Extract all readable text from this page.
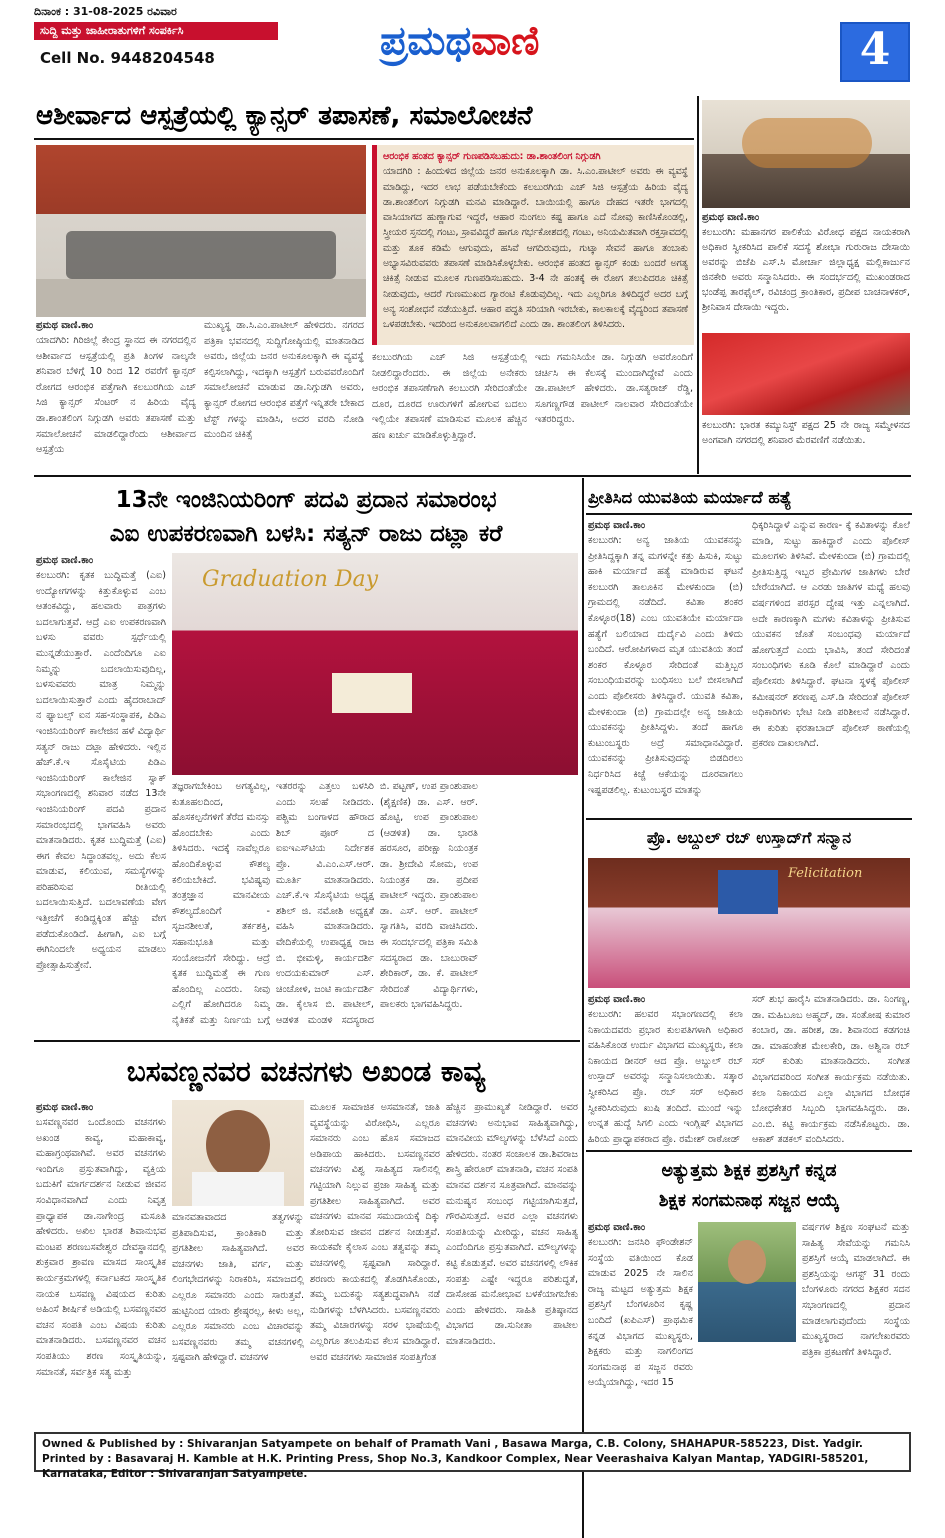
ದಿನಾಂಕ : 31-08-2025 ರವಿವಾರ
ಸುದ್ದಿ ಮತ್ತು ಜಾಹೀರಾತುಗಳಿಗೆ ಸಂಪರ್ಕಿಸಿ
Cell No. 9448204548	ಪ್ರಮಥವಾಣಿ	4
ಆಶೀರ್ವಾದ ಆಸ್ಪತ್ರೆಯಲ್ಲಿ ಕ್ಯಾನ್ಸರ್ ತಪಾಸಣೆ, ಸಮಾಲೋಚನೆ
ಆರಂಭಿಕ ಹಂತದ ಕ್ಯಾನ್ಸರ್ ಗುಣಪಡಿಸಬಹುದು: ಡಾ.ಶಾಂತಲಿಂಗ ನಿಗ್ಗುಡಗಿ
ಯಾದಗಿರಿ : ಹಿಂದುಳಿದ ಜಿಲ್ಲೆಯ ಜನರ ಅನುಕೂಲಕ್ಕಾಗಿ ಡಾ. ಸಿ.ಎಂ.ಪಾಟೀಲ್ ಅವರು ಈ ವ್ಯವಸ್ಥೆ ಮಾಡಿದ್ದು, ಇದರ ಲಾಭ ಪಡೆಯಬೇಕೆಂದು ಕಲಬುರಗಿಯ ಎಚ್ ಸಿಜಿ ಆಸ್ಪತ್ರೆಯ ಹಿರಿಯ ವೈದ್ಯ ಡಾ.ಶಾಂತಲಿಂಗ ನಿಗ್ಗುಡಗಿ ಮನವಿ ಮಾಡಿದ್ದಾರೆ. ಬಾಯಿಯಲ್ಲಿ ಹಾಗೂ ದೇಹದ ಇತರೇ ಭಾಗದಲ್ಲಿ ವಾಸಿಯಾಗದ ಹುಣ್ಣಾಗುವ ಇದ್ದರೆ, ಆಹಾರ ನುಂಗಲು ಕಷ್ಟ ಹಾಗೂ ಎದೆ ನೋವು ಕಾಣಿಸಿಕೊಂಡಲ್ಲಿ, ಸ್ತ್ರೀಯರ ಸ್ತನದಲ್ಲಿ ಗಂಟು, ಸ್ರಾವವಿದ್ದರೆ ಹಾಗೂ ಗರ್ಭಕೋಶದಲ್ಲಿ ಗಂಟು, ಅನಿಯಮಿತವಾಗಿ ರಕ್ತಸ್ರಾವದಲ್ಲಿ ಮತ್ತು ತೂಕ ಕಡಿಮೆ ಆಗುವುದು, ಹಸಿವೆ ಆಗದಿರುವುದು, ಗುಟ್ಕಾ ಸೇವನೆ ಹಾಗೂ ತಂಬಾಕು ಅಭ್ಯಾಸವಿರುವವರು ತಪಾಸಣೆ ಮಾಡಿಸಿಕೊಳ್ಳಬೇಕು. ಆರಂಭಿಕ ಹಂತದ ಕ್ಯಾನ್ಸರ್ ಕಂಡು ಬಂದರೆ ಅಗತ್ಯ ಚಿಕಿತ್ಸೆ ನೀಡುವ ಮೂಲಕ ಗುಣಪಡಿಸಬಹುದು. 3-4 ನೇ ಹಂತಕ್ಕೆ ಈ ರೋಗ ತಲುಪಿದರೂ ಚಿಕಿತ್ಸೆ ನೀಡುವುದು, ಆದರೆ ಗುಣಮುಖದ ಗ್ಯಾರಂಟಿ ಕೊಡುವುದಿಲ್ಲ. ಇದು ಎಲ್ಲರಿಗೂ ತಿಳಿದಿದ್ದರೆ ಅದರ ಬಗ್ಗೆ ಅನ್ಯ ಸಂಶೋಧನೆ ನಡೆಯುತ್ತಿದೆ. ಆಹಾರ ಪದ್ಧತಿ ಸರಿಯಾಗಿ ಇರಬೇಕು, ಕಾಲಕಾಲಕ್ಕೆ ವೈದ್ಯರಿಂದ ತಪಾಸಣೆ ಒಳಪಡಬೇಕು. ಇದರಿಂದ ಅನುಕೂಲವಾಗಲಿದೆ ಎಂದು ಡಾ. ಶಾಂತಲಿಂಗ ತಿಳಿಸಿದರು.
ಪ್ರಮಥ ವಾಣಿ.ಕಾಂ
ಯಾದಗಿರಿ: ಗಿರಿಜಿಲ್ಲೆ ಕೇಂದ್ರ ಸ್ಥಾನದ ಈ ನಗರದಲ್ಲಿನ ಆಶೀರ್ವಾದ ಆಸ್ಪತ್ರೆಯಲ್ಲಿ ಪ್ರತಿ ತಿಂಗಳ ನಾಲ್ಕನೇ ಶನಿವಾರ ಬೆಳಿಗ್ಗೆ 10 ರಿಂದ 12 ರವರೆಗೆ ಕ್ಯಾನ್ಸರ್ ರೋಗದ ಆರಂಭಿಕ ಪತ್ತೆಗಾಗಿ ಕಲಬುರಗಿಯ ಎಚ್ ಸಿಜಿ ಕ್ಯಾನ್ಸರ್ ಸೆಂಟರ್ ನ ಹಿರಿಯ ವೈದ್ಯ ಡಾ.ಶಾಂತಲಿಂಗ ನಿಗ್ಗುಡಗಿ ಅವರು ತಪಾಸಣೆ ಮತ್ತು ಸಮಾಲೋಚನೆ ಮಾಡಲಿದ್ದಾರೆಂದು ಆಶೀರ್ವಾದ ಆಸ್ಪತ್ರೆಯ
ಮುಖ್ಯಸ್ಥ ಡಾ.ಸಿ.ಎಂ.ಪಾಟೀಲ್ ಹೇಳಿದರು. ನಗರದ ಪತ್ರಿಕಾ ಭವನದಲ್ಲಿ ಸುದ್ದಿಗೋಷ್ಠಿಯಲ್ಲಿ ಮಾತನಾಡಿದ ಅವರು, ಜಿಲ್ಲೆಯ ಜನರ ಅನುಕೂಲಕ್ಕಾಗಿ ಈ ವ್ಯವಸ್ಥೆ ಕಲ್ಪಿಸಲಾಗಿದ್ದು, ಇದಕ್ಕಾಗಿ ಆಸ್ಪತ್ರೆಗೆ ಬರುವವರೊಂದಿಗೆ ಸಮಾಲೋಚನೆ ಮಾಡುವ ಡಾ.ನಿಗ್ಗುಡಗಿ ಅವರು, ಕ್ಯಾನ್ಸರ್ ರೋಗದ ಆರಂಭಿಕ ಪತ್ತೆಗೆ ಇನ್ನಿತರೇ ಬೇಕಾದ ಟೆಸ್ಟ್ ಗಳನ್ನು ಮಾಡಿಸಿ, ಅದರ ವರದಿ ನೋಡಿ ಮುಂದಿನ ಚಿಕಿತ್ಸೆ
ಕಲಬುರಗಿಯ ಎಚ್ ಸಿಜಿ ಆಸ್ಪತ್ರೆಯಲ್ಲಿ ನೀಡಲಿದ್ದಾರೆಂದರು. ಈ ಜಿಲ್ಲೆಯ ಅನೇಕರು ಆರಂಭಿಕ ತಪಾಸಣೆಗಾಗಿ ಕಲಬುರಗಿ ಸೇರಿದಂತೆಯೇ ದೂರ, ದೂರದ ಊರುಗಳಿಗೆ ಹೋಗುವ ಬದಲು ಇಲ್ಲಿಯೇ ತಪಾಸಣೆ ಮಾಡಿಸುವ ಮೂಲಕ ಹೆಚ್ಚಿನ ಹಣ ಖರ್ಚು ಮಾಡಿಕೊಳ್ಳುತ್ತಿದ್ದಾರೆ.
ಇದು ಗಮನಿಸಿಯೇ ಡಾ. ನಿಗ್ಗುಡಗಿ ಅವರೊಂದಿಗೆ ಚರ್ಚಿಸಿ ಈ ಕೆಲಸಕ್ಕೆ ಮುಂದಾಗಿದ್ದೇವೆ ಎಂದು ಡಾ.ಪಾಟೀಲ್ ಹೇಳಿದರು. ಡಾ.ಸತ್ಯರಾಜ್ ರೆಡ್ಡಿ, ಸೂಗಣ್ಣಗೌಡ ಪಾಟೀಲ್ ನಾಲವಾರ ಸೇರಿದಂತೆಯೇ ಇತರರಿದ್ದರು.
ಪ್ರಮಥ ವಾಣಿ.ಕಾಂ
ಕಲಬುರಗಿ: ಮಹಾನಗರ ಪಾಲಿಕೆಯ ವಿರೋಧ ಪಕ್ಷದ ನಾಯಕರಾಗಿ ಅಧಿಕಾರ ಸ್ವೀಕರಿಸಿದ ಪಾಲಿಕೆ ಸದಸ್ಯೆ ಶೋಭಾ ಗುರುರಾಜ ದೇಸಾಯಿ ಅವರನ್ನು ಬಿಜೆಪಿ ಎಸ್.ಸಿ ಮೋರ್ಚಾ ಜಿಲ್ಲಾಧ್ಯಕ್ಷ ಮಲ್ಲಿಕಾರ್ಜುನ ಜಿನಕೇರಿ ಅವರು ಸನ್ಮಾನಿಸಿದರು. ಈ ಸಂದರ್ಭದಲ್ಲಿ ಮುಖಂಡರಾದ ಭಂಡೆಪ್ಪ ತಾರಫೈಲ್, ರವಿಚಂದ್ರ ಕ್ರಾಂತಿಕಾರ, ಪ್ರದೀಪ ಬಾಚನಾಳಕರ್, ಶ್ರೀನಿವಾಸ ದೇಸಾಯಿ ಇದ್ದರು.
ಕಲಬುರಗಿ: ಭಾರತ ಕಮ್ಯುನಿಸ್ಟ್ ಪಕ್ಷದ 25 ನೇ ರಾಜ್ಯ ಸಮ್ಮೇಳನದ ಅಂಗವಾಗಿ ನಗರದಲ್ಲಿ ಶನಿವಾರ ಮೆರವಣಿಗೆ ನಡೆಯಿತು.
13ನೇ ಇಂಜಿನಿಯರಿಂಗ್ ಪದವಿ ಪ್ರದಾನ ಸಮಾರಂಭ
ಎಐ ಉಪಕರಣವಾಗಿ ಬಳಸಿ: ಸತ್ಯನ್ ರಾಜು ದಟ್ಲಾ ಕರೆ
ಪ್ರಮಥ ವಾಣಿ.ಕಾಂ
Graduation Day
ಕಲಬುರಗಿ: ಕೃತಕ ಬುದ್ಧಿಮತ್ತೆ (ಎಐ) ಉದ್ಯೋಗಗಳನ್ನು ಕಿತ್ತುಕೊಳ್ಳುವ ಎಂಬ ಆತಂಕವಿದ್ದು, ಹಲವಾರು ಪಾತ್ರಗಳು ಬದಲಾಗುತ್ತವೆ. ಆದ್ರೆ ಎಐ ಉಪಕರಣವಾಗಿ ಬಳಸು ವವರು ಸ್ಪರ್ಧೆಯಲ್ಲಿ ಮುನ್ನಡೆಯುತ್ತಾರೆ. ಎಂದೆಂದಿಗೂ ಎಐ ನಿಮ್ಮನ್ನು ಬದಲಾಯಿಸುವುದಿಲ್ಲ, ಬಳಸುವವರು ಮಾತ್ರ ನಿಮ್ಮನ್ನು ಬದಲಾಯಿಸುತ್ತಾರೆ ಎಂದು ಹೈದರಾಬಾದ್ ನ ಫ್ಯಾಬಲ್ಸ್ ಐನ ಸಹ-ಸಂಸ್ಥಾಪಕ, ಪಿಡಿಎ ಇಂಜಿನಿಯರಿಂಗ್ ಕಾಲೇಜಿನ ಹಳೆ ವಿದ್ಯಾರ್ಥಿ ಸತ್ಯನ್ ರಾಜು ದಟ್ಲಾ ಹೇಳಿದರು. ಇಲ್ಲಿನ ಹೆಚ್.ಕೆ.ಇ ಸೊಸೈಟಿಯ ಪಿಡಿಎ ಇಂಜಿನಿಯರಿಂಗ್ ಕಾಲೇಜಿನ ಸ್ವಾಕ್ ಸಭಾಂಗಣದಲ್ಲಿ ಶನಿವಾರ ನಡೆದ 13ನೇ ಇಂಜಿನಿಯರಿಂಗ್ ಪದವಿ ಪ್ರದಾನ ಸಮಾರಂಭದಲ್ಲಿ ಭಾಗವಹಿಸಿ ಅವರು ಮಾತನಾಡಿದರು. ಕೃತಕ ಬುದ್ಧಿಮತ್ತೆ (ಎಐ) ಈಗ ಕೇವಲ ಸಿದ್ಧಾಂತವಲ್ಲ. ಅದು ಕೆಲಸ ಮಾಡುವ, ಕಲಿಯುವ, ಸಮಸ್ಯೆಗಳನ್ನು ಪರಿಹರಿಸುವ ರೀತಿಯಲ್ಲಿ ಬದಲಾಯಿಸುತ್ತಿದೆ. ಬದಲಾವಣೆಯ ವೇಗ ಇತ್ತೀಚೆಗೆ ಕಂಡಿದ್ದಕ್ಕಿಂತ ಹೆಚ್ಚು ವೇಗ ಪಡೆದುಕೊಂಡಿದೆ. ಹೀಗಾಗಿ, ಎಐ ಬಗ್ಗೆ ಈಗಿನಿಂದಲೇ ಅಧ್ಯಯನ ಮಾಡಲು ಪ್ರೋತ್ಸಾಹಿಸುತ್ತೇನೆ.
ತಜ್ಞರಾಗಬೇಕಿಂಬ ಅಗತ್ಯವಿಲ್ಲ, ಕುತೂಹಲದಿಂದ, ಹೊಸಕಲ್ಪನೆಗಳಿಗೆ ತೆರೆದ ಮನಸ್ಸು ಹೊಂದಬೇಕು ಎಂದು ತಿಳಿಸಿದರು. ಇದಕ್ಕೆ ನಾವೆಲ್ಲರೂ ಹೊಂದಿಕೊಳ್ಳುವ ಕೌಶಲ್ಯ ಕಲಿಯಬೇಕಿದೆ. ಭವಿಷ್ಯವು ತಂತ್ರಜ್ಞಾನ ಮಾನವೀಯ ಕೌಶಲ್ಯದೊಂದಿಗೆ - ಸೃಜನಶೀಲತೆ, ತರ್ಕಶಕ್ತಿ, ಸಹಾನುಭೂತಿ ಮತ್ತು ಸಂಯೋಜನೆಗೆ ಸೇರಿದ್ದು. ಆದ್ರೆ ಕೃತಕ ಬುದ್ಧಿಮತ್ತೆ ಈ ಗುಣ ಹೊಂದಿಲ್ಲ ಎಂದರು. ನೀವು ಎಲ್ಲಿಗೆ ಹೋಗಿದರೂ ನಿಮ್ಮ ನೈತಿಕತೆ ಮತ್ತು ನಿರ್ಣಯ ಬಗ್ಗೆ
ಇತರರನ್ನು ಎತ್ತಲು ಬಳಸಿರಿ ಎಂದು ಸಲಹೆ ನೀಡಿದರು. ಪಶ್ಚಿಮ ಬಂಗಾಳದ ಹೌರಾದ ಶಿಬ್ ಪೂರ್ ದ ಐಐಇಎಸ್‌ಟಿಯ ನಿರ್ದೇಶಕ ಪ್ರೊ. ವಿ.ಎಂ.ಎಸ್.ಆರ್. ಮೂರ್ತಿ ಮಾತನಾಡಿದರು. ಎಚ್.ಕೆ.ಇ ಸೊಸೈಟಿಯ ಅಧ್ಯಕ್ಷ ಶಶಿಲ್ ಜಿ. ನಮೋಶಿ ಅಧ್ಯಕ್ಷತೆ ವಹಿಸಿ ಮಾತನಾಡಿದರು. ವೇದಿಕೆಯಲ್ಲಿ ಉಪಾಧ್ಯಕ್ಷ ರಾಜ ಬಿ. ಭೀಮಳ್ಳಿ, ಕಾರ್ಯದರ್ಶಿ ಉದಯಕುಮಾರ್ ಎಸ್. ಚಿಂಚೋಳಿ, ಜಂಟಿ ಕಾರ್ಯದರ್ಶಿ ಡಾ. ಕೈಲಾಸ ಬಿ. ಪಾಟೀಲ್, ಆಡಳಿತ ಮಂಡಳಿ ಸದಸ್ಯರಾದ
ಬಿ. ಪಟ್ಟಣ್, ಉಪ ಪ್ರಾಂಶುಪಾಲ (ಶೈಕ್ಷಣಿಕ) ಡಾ. ಎಸ್. ಆರ್. ಹೊಟ್ಟಿ, ಉಪ ಪ್ರಾಂಶುಪಾಲ (ಆಡಳಿತ) ಡಾ. ಭಾರತಿ ಹರಸೂರ, ಪರೀಕ್ಷಾ ನಿಯಂತ್ರಕ ಡಾ. ಶ್ರೀದೇವಿ ಸೋಮ, ಉಪ ನಿಯಂತ್ರಕ ಡಾ. ಪ್ರದೀಪ ಪಾಟೀಲ್ ಇದ್ದರು. ಪ್ರಾಂಶುಪಾಲ ಡಾ. ಎಸ್. ಆರ್. ಪಾಟೀಲ್ ಸ್ವಾಗತಿಸಿ, ವರದಿ ವಾಚಿಸಿದರು. ಈ ಸಂದರ್ಭದಲ್ಲಿ ಪತ್ರಿಕಾ ಸಮಿತಿ ಸದಸ್ಯರಾದ ಡಾ. ಬಾಬುರಾವ್ ಶೇರಿಕಾರ್, ಡಾ. ಕೆ. ಪಾಟೀಲ್ ಸೇರಿದಂತೆ ವಿದ್ಯಾರ್ಥಿಗಳು, ಪಾಲಕರು ಭಾಗವಹಿಸಿದ್ದರು.
ಪ್ರೀತಿಸಿದ ಯುವತಿಯ ಮರ್ಯಾದೆ ಹತ್ಯೆ
ಪ್ರಮಥ ವಾಣಿ.ಕಾಂ
ಕಲಬುರಗಿ: ಅನ್ಯ ಜಾತಿಯ ಯುವಕನನ್ನು ಪ್ರೀತಿಸಿದ್ದಕ್ಕಾಗಿ ತನ್ನ ಮಗಳನ್ನೇ ಕತ್ತು ಹಿಸುಕಿ, ಸುಟ್ಟು ಹಾಕಿ ಮರ್ಯಾದೆ ಹತ್ಯೆ ಮಾಡಿರುವ ಘಟನೆ ಕಲಬುರಗಿ ತಾಲೂಕಿನ ಮೇಳಕುಂದಾ (ಬಿ) ಗ್ರಾಮದಲ್ಲಿ ನಡೆದಿದೆ. ಕವಿತಾ ಶಂಕರ ಕೊಳ್ಳೂರ(18) ಎಂಬ ಯುವತಿಯೇ ಮರ್ಯಾದಾ ಹತ್ಯೆಗೆ ಬಲಿಯಾದ ದುರ್ದೈವಿ ಎಂದು ತಿಳಿದು ಬಂದಿದೆ. ಆರೋಪಿಗಳಾದ ಮೃತ ಯುವತಿಯ ತಂದೆ ಶಂಕರ ಕೊಳ್ಳೂರ ಸೇರಿದಂತೆ ಮತ್ತಿಬ್ಬರ ಸಂಬಂಧಿಯವರನ್ನು ಬಂಧಿಸಲು ಬಲೆ ಬೀಸಲಾಗಿದೆ ಎಂದು ಪೊಲೀಸರು ತಿಳಿಸಿದ್ದಾರೆ. ಯುವತಿ ಕವಿತಾ, ಮೇಳಕುಂದಾ (ಬಿ) ಗ್ರಾಮದಲ್ಲೇ ಅನ್ಯ ಜಾತಿಯ ಯುವಕನನ್ನು ಪ್ರೀತಿಸಿದ್ದಳು. ತಂದೆ ಹಾಗೂ ಕುಟುಂಬಸ್ಥರು ಅದ್ರೆ ಸಮಾಧಾನವಿದ್ದಾರೆ. ಯುವಕನನ್ನು ಪ್ರೀತಿಸುವುದನ್ನು ಬಿಡದಿರಲು ನಿರ್ಧರಿಸಿದ ಕಿಚ್ಚೆ ಆಕೆಯನ್ನು ದೂರವಾಗಲು ಇಷ್ಟಪಡಲಿಲ್ಲ. ಕುಟುಂಬಸ್ಥರ ಮಾತನ್ನು
ಧಿಕ್ಕರಿಸಿದ್ದಾಳೆ ಎನ್ನುವ ಕಾರಣ- ಕ್ಕೆ ಕವಿತಾಳನ್ನು ಕೊಲೆ ಮಾಡಿ, ಸುಟ್ಟು ಹಾಕಿದ್ದಾರೆ ಎಂದು ಪೊಲೀಸ್ ಮೂಲಗಳು ತಿಳಿಸಿವೆ. ಮೇಳಕುಂದಾ (ಬಿ) ಗ್ರಾಮದಲ್ಲಿ ಪ್ರೀತಿಸುತ್ತಿದ್ದ ಇಬ್ಬರ ಪ್ರೇಮಿಗಳ ಜಾತಿಗಳು ಬೇರೆ ಬೇರೆಯಾಗಿದೆ. ಆ ಎರಡು ಜಾತಿಗಳ ಮಧ್ಯೆ ಹಲವು ವರ್ಷಗಳಿಂದ ಪರಸ್ಪರ ದ್ವೇಷ ಇತ್ತು ಎನ್ನಲಾಗಿದೆ. ಅದೇ ಕಾರಣಕ್ಕಾಗಿ ಮಗಳು ಕವಿತಾಳನ್ನು ಪ್ರೀತಿಸುವ ಯುವಕನ ಜೊತೆ ಸಂಬಂಧವು ಮರ್ಯಾದೆ ಹೋಗುತ್ತದೆ ಎಂದು ಭಾವಿಸಿ, ತಂದೆ ಸೇರಿದಂತೆ ಸಂಬಂಧಿಗಳು ಕೂಡಿ ಕೊಲೆ ಮಾಡಿದ್ದಾರೆ ಎಂದು ಪೊಲೀಸರು ತಿಳಿಸಿದ್ದಾರೆ. ಘಟನಾ ಸ್ಥಳಕ್ಕೆ ಪೊಲೀಸ್ ಕಮೀಷನರ್ ಶರಣಪ್ಪ ಎಸ್.ಡಿ ಸೇರಿದಂತೆ ಪೊಲೀಸ್ ಅಧಿಕಾರಿಗಳು ಭೇಟಿ ನೀಡಿ ಪರಿಶೀಲನೆ ನಡೆಸಿದ್ದಾರೆ. ಈ ಕುರಿತು ಫರತಾಬಾದ್ ಪೊಲೀಸ್ ಠಾಣೆಯಲ್ಲಿ ಪ್ರಕರಣ ದಾಖಲಾಗಿದೆ.
ಪ್ರೊ. ಅಬ್ದುಲ್ ರಬ್ ಉಸ್ತಾದ್‌ಗೆ ಸನ್ಮಾನ
Felicitation
ಪ್ರಮಥ ವಾಣಿ.ಕಾಂ
ಕಲಬುರಗಿ: ಹಲವರ ಸಭಾಂಗಣದಲ್ಲಿ ಕಲಾ ನಿಕಾಯದವರು ಪ್ರಭಾರ ಕುಲಪತಿಗಳಾಗಿ ಅಧಿಕಾರ ವಹಿಸಿಕೊಂಡ ಉರ್ದು ವಿಭಾಗದ ಮುಖ್ಯಸ್ಥರು, ಕಲಾ ನಿಕಾಯದ ಡೀನರ್ ಆದ ಪ್ರೊ. ಅಬ್ದುಲ್ ರಬ್ ಉಸ್ತಾದ್ ಅವರನ್ನು ಸನ್ಮಾನಿಸಲಾಯಿತು. ಸತ್ಕಾರ ಸ್ವೀಕರಿಸಿದ ಪ್ರೊ. ರಬ್ ಸರ್ ಅಧಿಕಾರ ಸ್ವೀಕರಿಸಿರುವುದು ಖುಷಿ ತಂದಿದೆ. ಮುಂದೆ ಇನ್ನು ಉನ್ನತ ಹುದ್ದೆ ಸಿಗಲಿ ಎಂದು ಇಂಗ್ಲಿಷ್ ವಿಭಾಗದ ಹಿರಿಯ ಪ್ರಾಧ್ಯಾಪಕರಾದ ಪ್ರೊ. ರಮೇಶ್ ರಾಠೋಡ್
ಸರ್ ಶುಭ ಹಾರೈಸಿ ಮಾತನಾಡಿದರು. ಡಾ. ನಿಂಗಣ್ಣ, ಡಾ. ಮಹಿಬೂಬ ಅಹ್ಮದ್, ಡಾ. ಸಂತೋಷ ಕುಮಾರ ಕಂಬಾರ, ಡಾ. ಹರೀಶ, ಡಾ. ಶಿವಾನಂದ ಕಡಗಂಚಿ ಡಾ. ಮಾಹಂತೇಶ ಮೇಲಕೇರಿ, ಡಾ. ಅಶ್ವಿನಾ ರಬ್ ಸರ್ ಕುರಿತು ಮಾತನಾಡಿದರು. ಸಂಗೀತ ವಿಭಾಗದವರಿಂದ ಸಂಗೀತ ಕಾರ್ಯಕ್ರಮ ನಡೆಯಿತು. ಕಲಾ ನಿಕಾಯದ ಎಲ್ಲಾ ವಿಭಾಗದ ಬೋಧಕ ಬೋಧಕೇತರ ಸಿಬ್ಬಂದಿ ಭಾಗವಹಿಸಿದ್ದರು. ಡಾ. ಎಂ.ಬಿ. ಕಟ್ಟಿ ಕಾರ್ಯಕ್ರಮ ನಡೆಸಿಕೊಟ್ಟರು. ಡಾ. ಆಕಾಶ್ ತಡಕಲ್ ವಂದಿಸಿದರು.
ಅತ್ಯುತ್ತಮ ಶಿಕ್ಷಕ ಪ್ರಶಸ್ತಿಗೆ ಕನ್ನಡ
ಶಿಕ್ಷಕ ಸಂಗಮನಾಥ ಸಜ್ಜನ ಆಯ್ಕೆ
ಪ್ರಮಥ ವಾಣಿ.ಕಾಂ
ಕಲಬುರಗಿ: ಜನಸಿರಿ ಫೌಂಡೇಶನ್ ಸಂಸ್ಥೆಯ ವತಿಯಿಂದ ಕೊಡ ಮಾಡುವ 2025 ನೇ ಸಾಲಿನ ರಾಜ್ಯ ಮಟ್ಟದ ಅತ್ಯುತ್ತಮ ಶಿಕ್ಷಕ ಪ್ರಶಸ್ತಿಗೆ ಬೆಂಗಳೂರಿನ ಕೃಷ್ಣ ಬಂದಿದೆ (ಖಪಿಎಸ್) ಪ್ರಾಥಮಿಕ ಕನ್ನಡ ವಿಭಾಗದ ಮುಖ್ಯಸ್ಥರು, ಶಿಕ್ಷಕರು ಮತ್ತು ನಾಗಲಿಂಗದ ಸಂಗಮನಾಥ ಪ ಸಜ್ಜನ ರವರು ಆಯ್ಕೆಯಾಗಿದ್ದು, ಇದರ 15
ವರ್ಷಗಳ ಶಿಕ್ಷಣ ಸಂಘಟನೆ ಮತ್ತು ಸಾಹಿತ್ಯ ಸೇವೆಯನ್ನು ಗಮನಿಸಿ ಪ್ರಶಸ್ತಿಗೆ ಆಯ್ಕೆ ಮಾಡಲಾಗಿದೆ. ಈ ಪ್ರಶಸ್ತಿಯನ್ನು ಆಗಸ್ಟ್ 31 ರಂದು ಬೆಂಗಳೂರು ನಗರದ ಶಿಕ್ಷಕರ ಸದನ ಸಭಾಂಗಣದಲ್ಲಿ ಪ್ರದಾನ ಮಾಡಲಾಗುವುದೆಂದು ಸಂಸ್ಥೆಯ ಮುಖ್ಯಸ್ಥರಾದ ನಾಗಲೇಖರವರು ಪತ್ರಿಕಾ ಪ್ರಕಟಣೆಗೆ ತಿಳಿಸಿದ್ದಾರೆ.
ಬಸವಣ್ಣನವರ ವಚನಗಳು ಅಖಂಡ ಕಾವ್ಯ
ಪ್ರಮಥ ವಾಣಿ.ಕಾಂ
ಬಸವಣ್ಣನವರ ಒಂದೊಂದು ವಚನಗಳು ಅಖಂಡ ಕಾವ್ಯ, ಮಹಾಕಾವ್ಯ, ಮಹಾಗ್ರಂಥವಾಗಿವೆ. ಅವರ ವಚನಗಳು ಇಂದಿಗೂ ಪ್ರಸ್ತುತವಾಗಿದ್ದು, ವ್ಯಕ್ತಿಯ ಬದುಕಿಗೆ ಮಾರ್ಗದರ್ಶನ ನೀಡುವ ಜೀವನ ಸಂವಿಧಾನವಾಗಿದೆ ಎಂದು ನಿವೃತ್ತ ಪ್ರಾಧ್ಯಾಪಕ ಡಾ.ನಾಗೇಂದ್ರ ಮಸೂತಿ ಹೇಳಿದರು. ಅಖಿಲ ಭಾರತ ಶಿವಾನುಭವ ಮಂಟಪ ಶರಣಬಸವೇಶ್ವರ ದೇವಸ್ಥಾನದಲ್ಲಿ ಶುಕ್ರವಾರ ಶ್ರಾವಣ ಮಾಸದ ಸಾಂಸ್ಕೃತಿಕ ಕಾರ್ಯಕ್ರಮಗಳಲ್ಲಿ ಕರ್ನಾಟಕದ ಸಾಂಸ್ಕೃತಿಕ ನಾಯಕ ಬಸವಣ್ಣ ವಿಷಯದ ಕುರಿತು ಅಹಿಂಸೆ ಶೀರ್ಷಿಕೆ ಅಡಿಯಲ್ಲಿ ಬಸವಣ್ಣನವರ ವಚನ ಸಂಪತಿ ಎಂಬ ವಿಷಯ ಕುರಿತು ಮಾತನಾಡಿದರು. ಬಸವಣ್ಣನವರ ವಚನ ಸಂಪತಿಯು ಶರಣ ಸಂಸ್ಕೃತಿಯನ್ನು, ಸಮಾನತೆ, ಸರ್ವತ್ರಿಕ ಸತ್ಯ ಮತ್ತು
ಮಾನವತಾವಾದದ ತತ್ವಗಳನ್ನು ಪ್ರತಿಪಾದಿಸುವ, ಕ್ರಾಂತಿಕಾರಿ ಮತ್ತು ಪ್ರಗತಿಶೀಲ ಸಾಹಿತ್ಯವಾಗಿದೆ. ಅವರ ವಚನಗಳು ಜಾತಿ, ವರ್ಗ, ಮತ್ತು ಲಿಂಗಭೇದಗಳನ್ನು ನಿರಾಕರಿಸಿ, ಸಮಾಜದಲ್ಲಿ ಎಲ್ಲರೂ ಸಮಾನರು ಎಂದು ಸಾರುತ್ತವೆ. ಹುಟ್ಟಿನಿಂದ ಯಾರು ಶ್ರೇಷ್ಠರಲ್ಲ, ಕೀಳು ಅಲ್ಲ, ಎಲ್ಲರೂ ಸಮಾನರು ಎಂಬ ವಿಚಾರವನ್ನು ಬಸವಣ್ಣನವರು ತಮ್ಮ ವಚನಗಳಲ್ಲಿ ಸ್ಪಷ್ಟವಾಗಿ ಹೇಳಿದ್ದಾರೆ. ವಚನಗಳ
ಮೂಲಕ ಸಾಮಾಜಿಕ ಅಸಮಾನತೆ, ಜಾತಿ ವ್ಯವಸ್ಥೆಯನ್ನು ವಿರೋಧಿಸಿ, ಎಲ್ಲರೂ ಸಮಾನರು ಎಂಬ ಹೊಸ ಸಮಾಜದ ಅಡಿಪಾಯ ಹಾಕಿದರು. ಬಸವಣ್ಣನವರ ವಚನಗಳು ವಿಶ್ವ ಸಾಹಿತ್ಯದ ಸಾಲಿನಲ್ಲಿ ಗಟ್ಟಿಯಾಗಿ ನಿಲ್ಲುವ ಪ್ರಜಾ ಸಾಹಿತ್ಯ ಮತ್ತು ಪ್ರಗತಿಶೀಲ ಸಾಹಿತ್ಯವಾಗಿದೆ. ಅವರ ವಚನಗಳು ಮಾನವ ಸಮುದಾಯಕ್ಕೆ ದಿಕ್ಕು ತೋರಿಸುವ ಜೀವನ ದರ್ಶನ ನೀಡುತ್ತವೆ. ಕಾಯಕವೇ ಕೈಲಾಸ ಎಂಬ ತತ್ವವನ್ನು ತಮ್ಮ ವಚನಗಳಲ್ಲಿ ಸ್ಪಷ್ಟವಾಗಿ ಸಾರಿದ್ದಾರೆ. ಶರಣರು ಕಾಯಕದಲ್ಲಿ ತೊಡಗಿಸಿಕೊಂಡು, ತಮ್ಮ ಬದುಕನ್ನು ಸತ್ಯಶುದ್ಧವಾಗಿಸಿ ನಡೆ ನುಡಿಗಳನ್ನು ಬೆಳಗಿಸಿದರು. ಬಸವಣ್ಣನವರು ತಮ್ಮ ವಿಚಾರಗಳನ್ನು ಸರಳ ಭಾಷೆಯಲ್ಲಿ ಎಲ್ಲರಿಗೂ ತಲುಪಿಸುವ ಕೆಲಸ ಮಾಡಿದ್ದಾರೆ. ಅವರ ವಚನಗಳು ಸಾಮಾಜಿಕ ಸಂಪತ್ತಿಗೆಂತ
ಹೆಚ್ಚಿನ ಪ್ರಾಮುಖ್ಯತೆ ನೀಡಿದ್ದಾರೆ. ಅವರ ವಚನಗಳು ಅನುಭಾವ ಸಾಹಿತ್ಯವಾಗಿದ್ದು, ಮಾನವೀಯ ಮೌಲ್ಯಗಳನ್ನು ಬೆಳೆಸಿದೆ ಎಂದು ಹೇಳಿದರು. ನಂತರ ಸಂಚಾಲಕ ಡಾ.ಶಿವರಾಜ ಶಾಸ್ತ್ರಿ ಹೇರೂರ್ ಮಾತನಾಡಿ, ವಚನ ಸಂಪತಿ ಮಾನವ ದರ್ಶನ ಸೂತ್ರವಾಗಿದೆ. ಮಾನವನ್ನು ಮನುಷ್ಯನ ಸಂಬಂಧ ಗಟ್ಟಿಯಾಗಿಸುತ್ತದೆ, ಗೌರವಿಸುತ್ತದೆ. ಅವರ ಎಲ್ಲಾ ವಚನಗಳು ಸಂಪತಿಯನ್ನು ಮೀರಿದ್ದು, ವಚನ ಸಾಹಿತ್ಯ ಎಂದೆಂದಿಗೂ ಪ್ರಸ್ತುತವಾಗಿದೆ. ಮೌಲ್ಯಗಳನ್ನು ಕಟ್ಟಿ ಕೊಡುತ್ತವೆ. ಅವರ ವಚನಗಳಲ್ಲಿ ಲೌಕಿಕ ಸಂಪತ್ತು ಎಷ್ಟೇ ಇದ್ದರೂ ಪರಿಶುದ್ಧತೆ, ದಾಸೋಹ ಮನೋಭಾವ ಬಳಕೆಯಾಗಬೇಕು ಎಂದು ಹೇಳಿದರು. ಸಾಹಿತಿ ಪ್ರತಿಷ್ಠಾನದ ವಿಭಾಗದ ಡಾ.ಸುನೀತಾ ಪಾಟೀಲ ಮಾತನಾಡಿದರು.
Owned & Published by : Shivaranjan Satyampete on behalf of Pramath Vani , Basawa Marga, C.B. Colony, SHAHAPUR-585223, Dist. Yadgir. Printed by : Basavaraj H. Kamble at H.K. Printing Press, Shop No.3, Kandkoor Complex, Near Veerashaiva Kalyan Mantap, YADGIRI-585201, Karnataka, Editor : Shivaranjan Satyampete.
